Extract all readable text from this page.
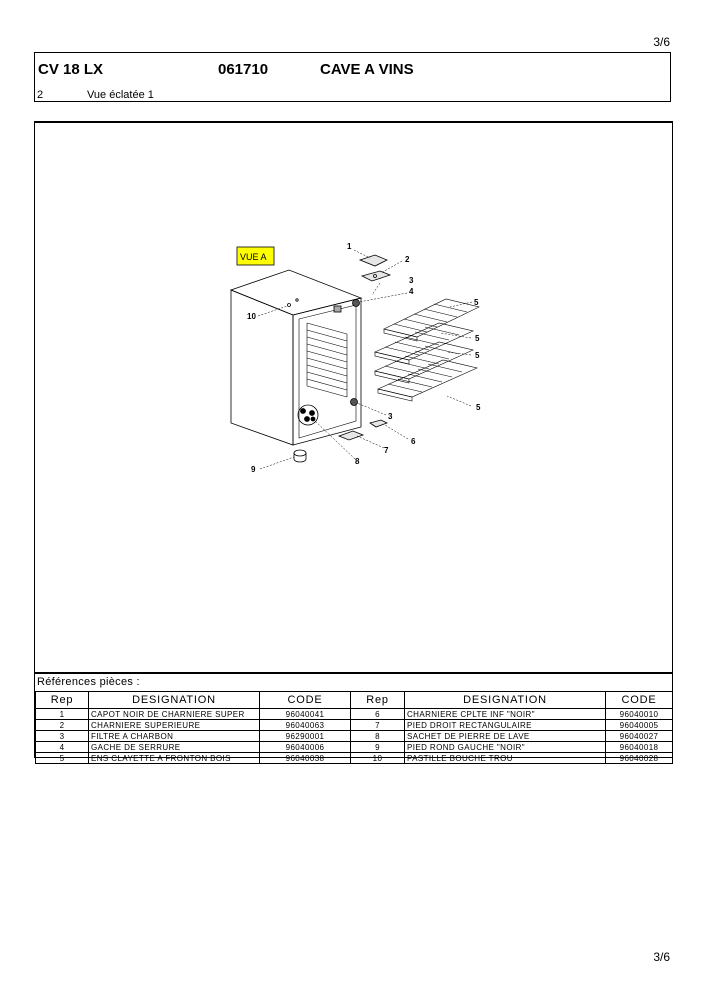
3/6
CV 18 LX	061710	CAVE A VINS
2	Vue éclatée 1
VUE A
1
2
3
4
5
5
5
5
3
6
7
8
9
10
Références pièces :
Rep	DESIGNATION	CODE	Rep	DESIGNATION	CODE
1	CAPOT NOIR DE CHARNIERE SUPER	96040041	6	CHARNIERE CPLTE INF "NOIR"	96040010
2	CHARNIERE SUPERIEURE	96040063	7	PIED DROIT RECTANGULAIRE	96040005
3	FILTRE A CHARBON	96290001	8	SACHET DE PIERRE DE LAVE	96040027
4	GACHE DE SERRURE	96040006	9	PIED ROND GAUCHE "NOIR"	96040018
5	ENS CLAYETTE A FRONTON BOIS	96040038	10	PASTILLE BOUCHE TROU	96040028
3/6
